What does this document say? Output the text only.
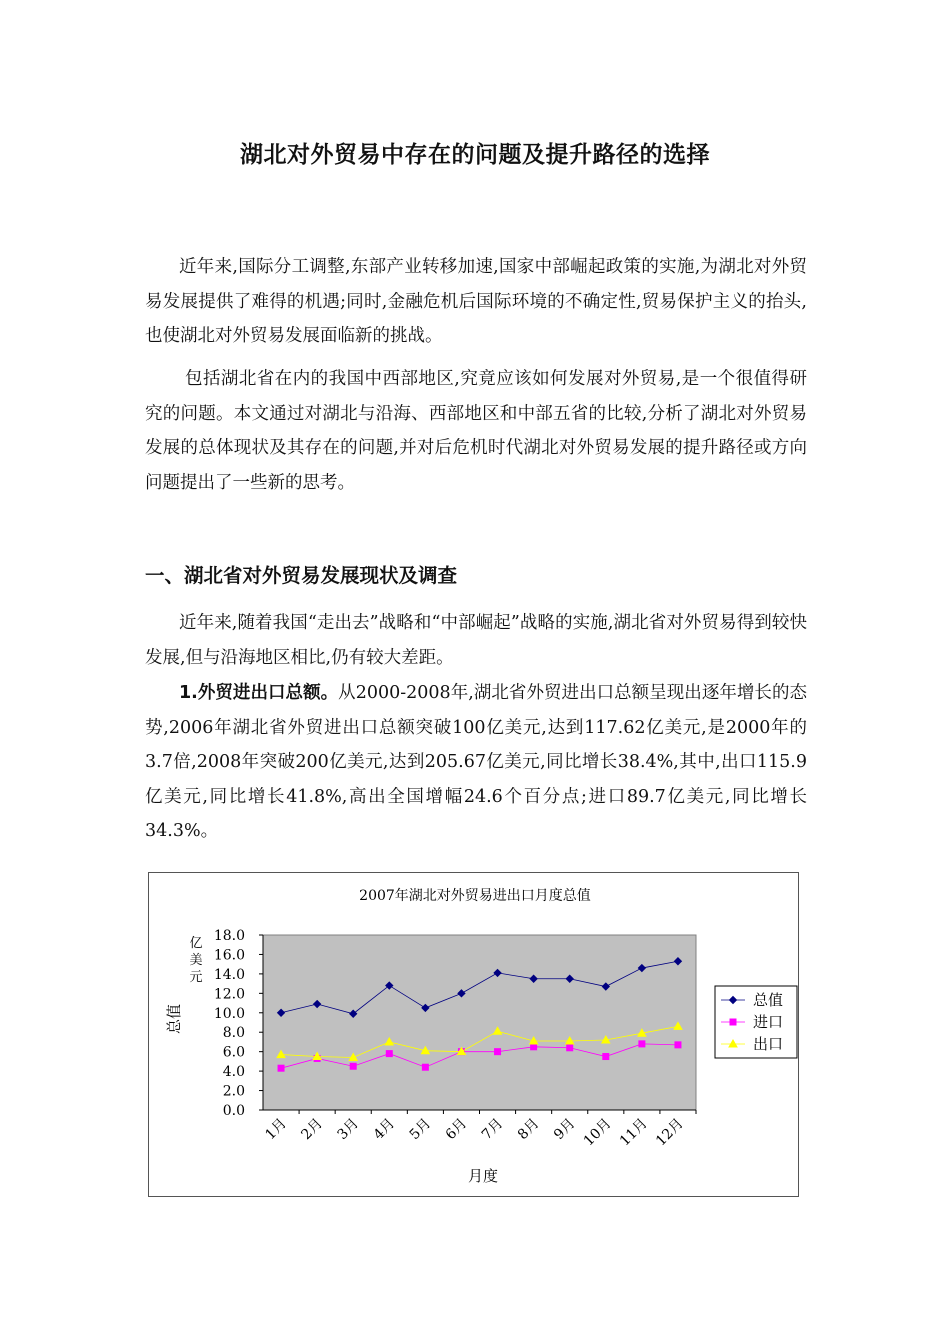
湖北对外贸易中存在的问题及提升路径的选择

近年来,国际分工调整,东部产业转移加速,国家中部崛起政策的实施,为湖北对外贸易发展提供了难得的机遇;同时,金融危机后国际环境的不确定性,贸易保护主义的抬头,也使湖北对外贸易发展面临新的挑战。

包括湖北省在内的我国中西部地区,究竟应该如何发展对外贸易,是一个很值得研究的问题。本文通过对湖北与沿海、西部地区和中部五省的比较,分析了湖北对外贸易发展的总体现状及其存在的问题,并对后危机时代湖北对外贸易发展的提升路径或方向问题提出了一些新的思考。

一、湖北省对外贸易发展现状及调查

近年来,随着我国“走出去”战略和“中部崛起”战略的实施,湖北省对外贸易得到较快发展,但与沿海地区相比,仍有较大差距。

1.外贸进出口总额。从2000-2008年,湖北省外贸进出口总额呈现出逐年增长的态势,2006年湖北省外贸进出口总额突破100亿美元,达到117.62亿美元,是2000年的3.7倍,2008年突破200亿美元,达到205.67亿美元,同比增长38.4%,其中,出口115.9亿美元,同比增长41.8%,高出全国增幅24.6个百分点;进口89.7亿美元,同比增长34.3%。

2007年湖北对外贸易进出口月度总值
总值
月度
18.0
16.0
14.0
12.0
10.0
8.0
6.0
4.0
2.0
0.0
亿
美
元
1月 2月 3月 4月 5月 6月 7月 8月 9月 10月 11月 12月
总值
进口
出口
